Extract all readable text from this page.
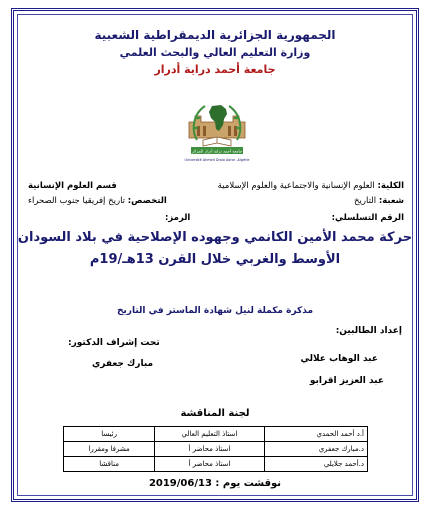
الجمهورية الجزائرية الديمقراطية الشعبية
وزارة التعليم العالي والبحث العلمي
جامعة أحمد دراية أدرار
جامعة أحمد دراية أدرار الجزائر
Université Ahmed Draia Adrar -Algérie
الكلية: العلوم الإنسانية والاجتماعية والعلوم الإسلامية
قسم العلوم الإنسانية
شعبة: التاريخ
التخصص: تاريخ إفريقيا جنوب الصحراء
الرقم التسلسلي:
الرمز:
حركة محمد الأمين الكانمي وجهوده الإصلاحية في بلاد السودان
الأوسط والغربي خلال القرن 13هـ/19م
مذكرة مكملة لنيل شهادة الماستر في التاريخ
إعداد الطالبين:
تحت إشراف الدكتور:
عبد الوهاب علالي
مبارك جعفري
عبد العزيز اقرابو
لجنة المناقشة
أ.د أحمد الحمدي	استاذ التعليم العالي	رئيسا
د.مبارك جعفري	استاذ محاضر أ	مشرفا ومقررا
د.أحمد جلايلي	استاذ محاضر أ	مناقشا
نوقشت يوم : 2019/06/13
